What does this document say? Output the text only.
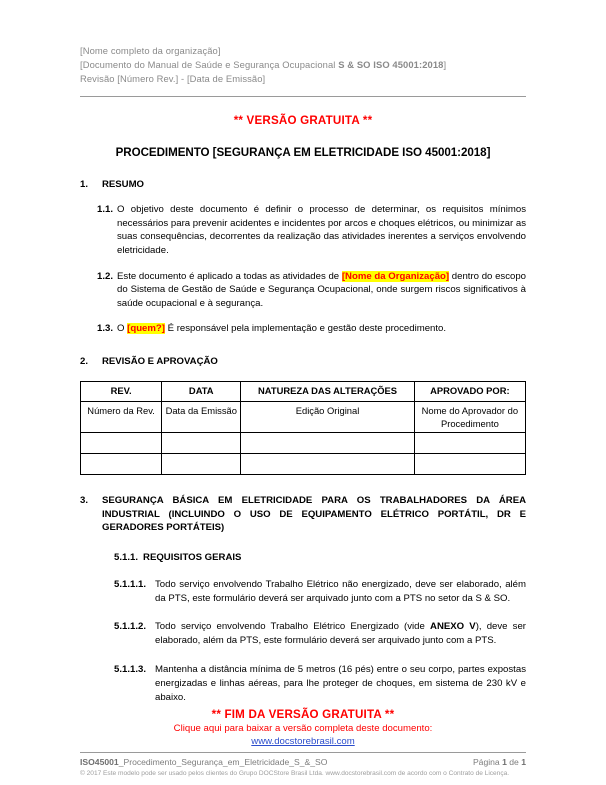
[Nome completo da organização]
[Documento do Manual de Saúde e Segurança Ocupacional S & SO ISO 45001:2018]
Revisão [Número Rev.] - [Data de Emissão]
** VERSÃO GRATUITA **
PROCEDIMENTO [SEGURANÇA EM ELETRICIDADE ISO 45001:2018]
1.	RESUMO
1.1. O objetivo deste documento é definir o processo de determinar, os requisitos mínimos necessários para prevenir acidentes e incidentes por arcos e choques elétricos, ou minimizar as suas consequências, decorrentes da realização das atividades inerentes a serviços envolvendo eletricidade.
1.2. Este documento é aplicado a todas as atividades de [Nome da Organização] dentro do escopo do Sistema de Gestão de Saúde e Segurança Ocupacional, onde surgem riscos significativos à saúde ocupacional e à segurança.
1.3. O [quem?] É responsável pela implementação e gestão deste procedimento.
2.	REVISÃO E APROVAÇÃO
REV.	DATA	NATUREZA DAS ALTERAÇÕES	APROVADO POR:
Número da Rev.	Data da Emissão	Edição Original	Nome do Aprovador do Procedimento

3.	SEGURANÇA BÁSICA EM ELETRICIDADE PARA OS TRABALHADORES DA ÁREA INDUSTRIAL (INCLUINDO O USO DE EQUIPAMENTO ELÉTRICO PORTÁTIL, DR E GERADORES PORTÁTEIS)
5.1.1. REQUISITOS GERAIS
5.1.1.1. Todo serviço envolvendo Trabalho Elétrico não energizado, deve ser elaborado, além da PTS, este formulário deverá ser arquivado junto com a PTS no setor da S & SO.
5.1.1.2. Todo serviço envolvendo Trabalho Elétrico Energizado (vide ANEXO V), deve ser elaborado, além da PTS, este formulário deverá ser arquivado junto com a PTS.
5.1.1.3. Mantenha a distância mínima de 5 metros (16 pés) entre o seu corpo, partes expostas energizadas e linhas aéreas, para lhe proteger de choques, em sistema de 230 kV e abaixo.
** FIM DA VERSÃO GRATUITA **
Clique aqui para baixar a versão completa deste documento:
www.docstorebrasil.com
ISO45001_Procedimento_Segurança_em_Eletricidade_S_&_SO	Página 1 de 1
© 2017 Este modelo pode ser usado pelos clientes do Grupo DOCStore Brasil Ltda. www.docstorebrasil.com de acordo com o Contrato de Licença.
